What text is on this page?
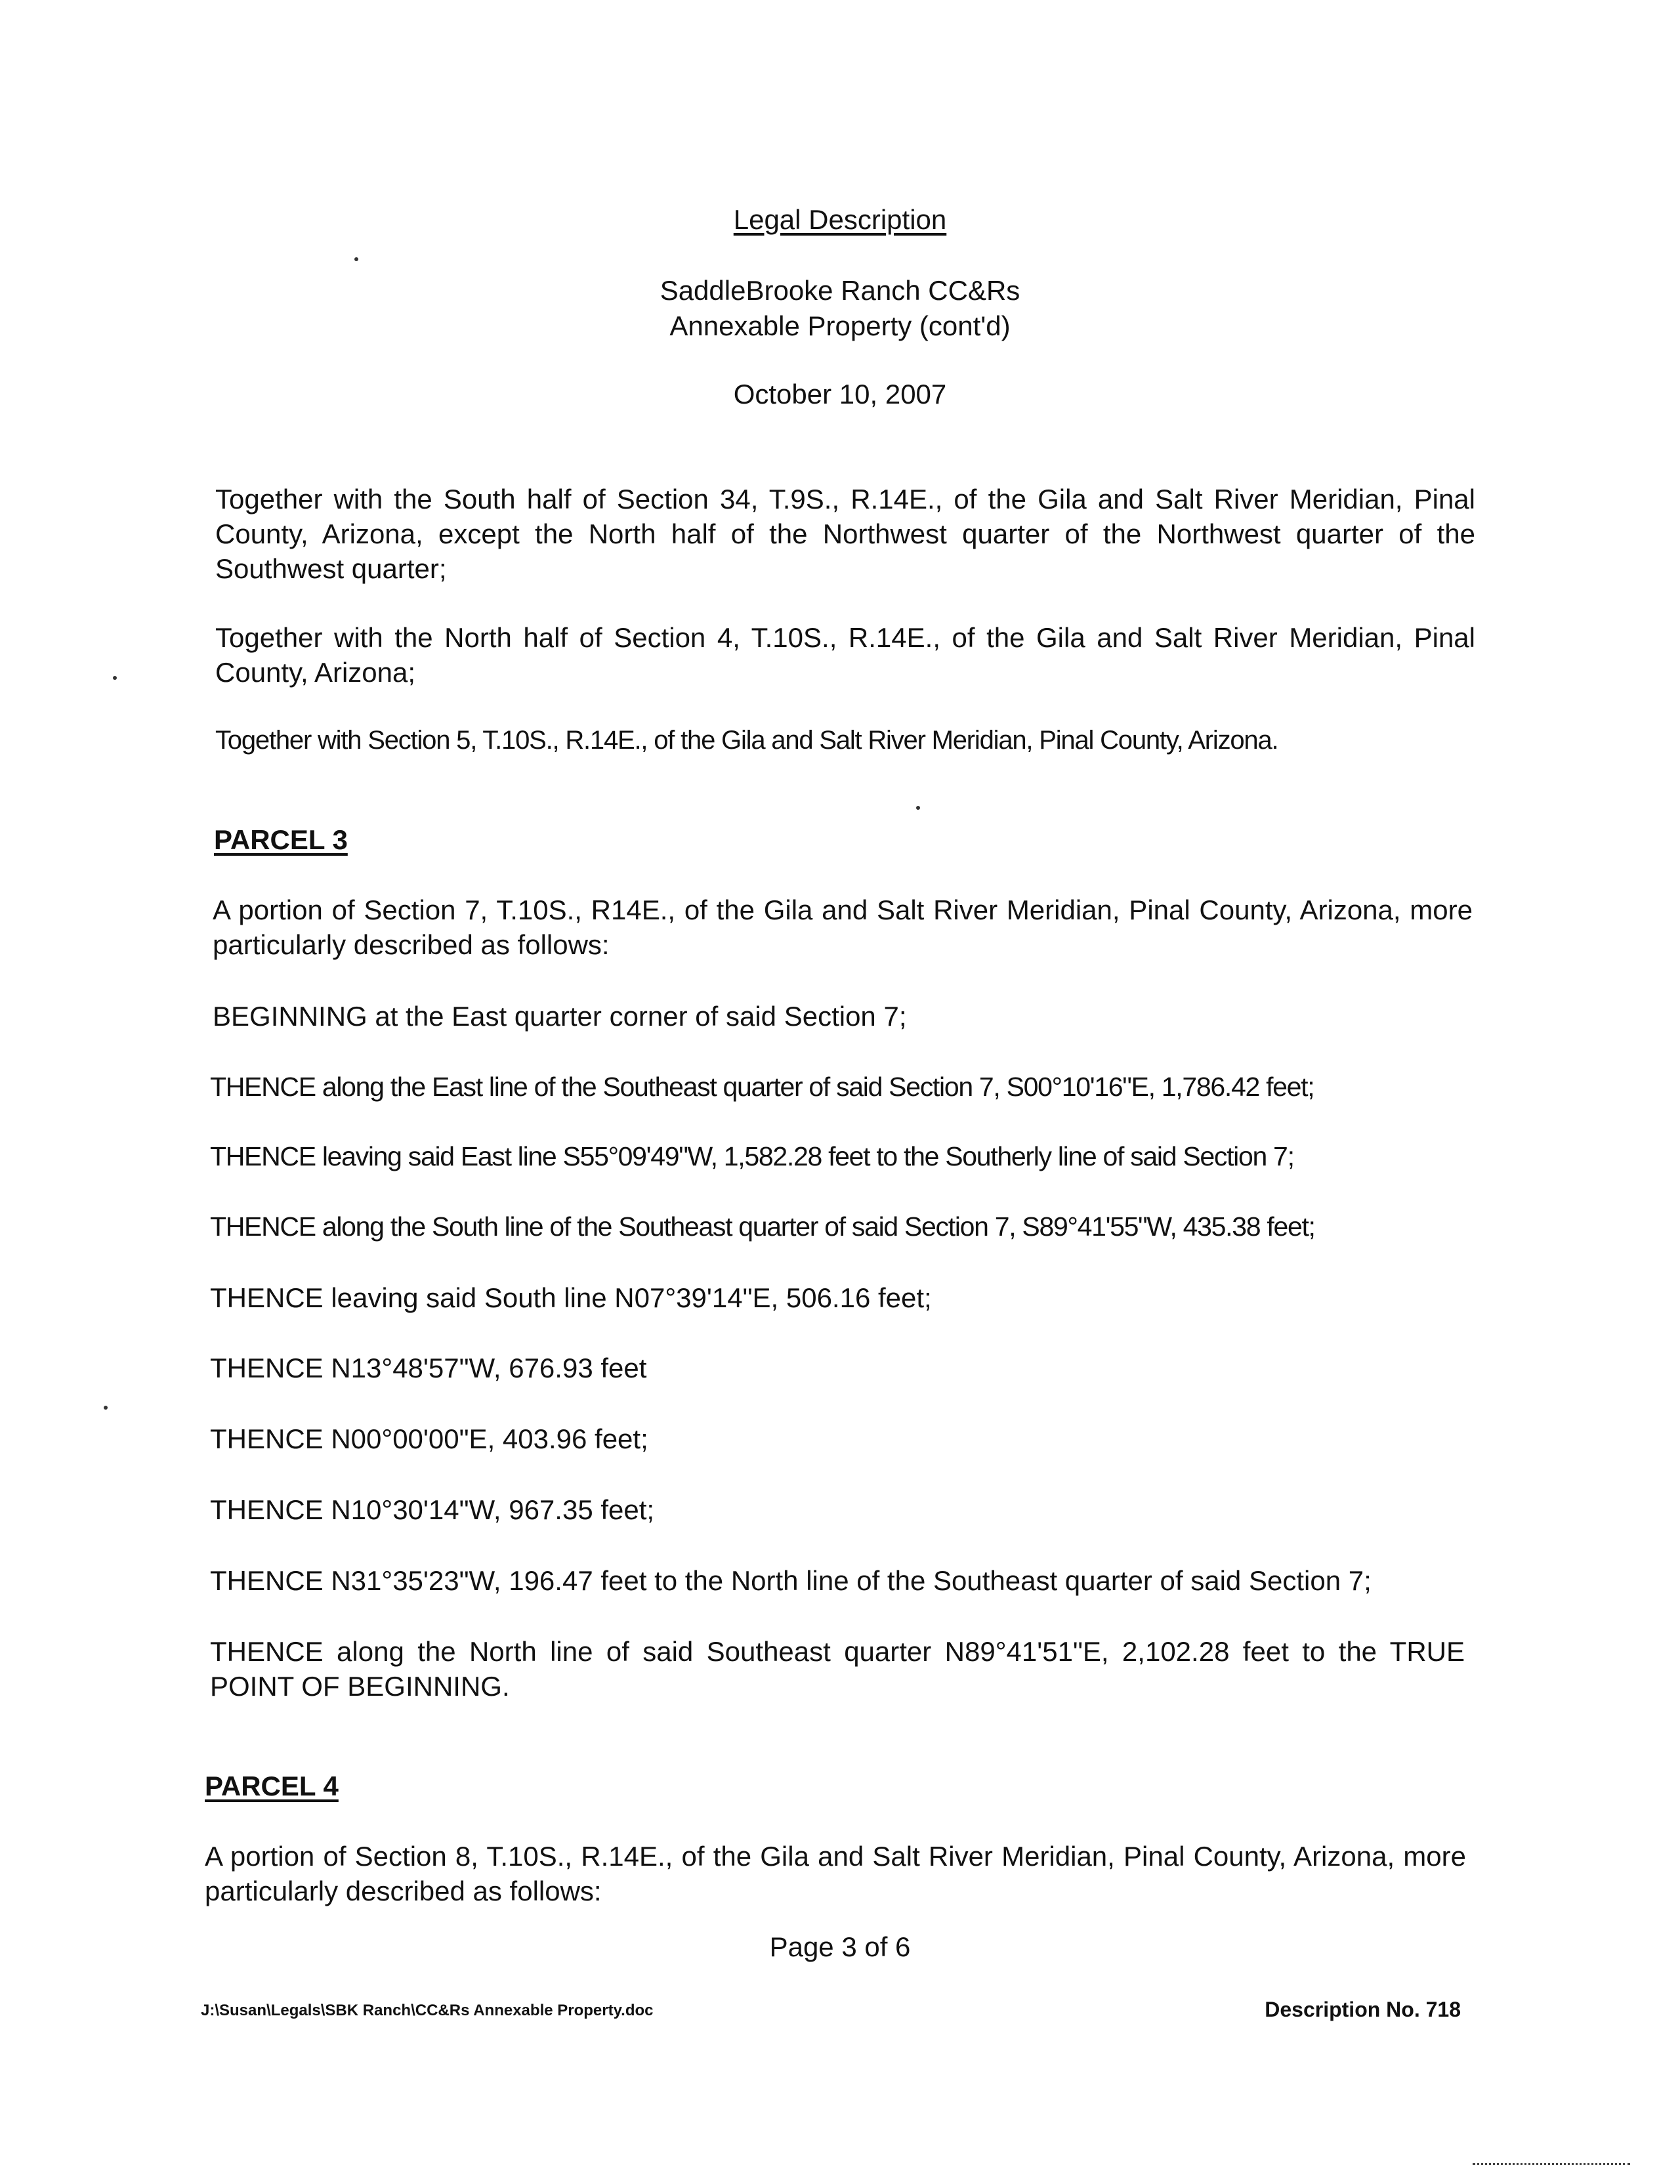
Legal Description
SaddleBrooke Ranch CC&Rs
Annexable Property (cont'd)
October 10, 2007
Together with the South half of Section 34, T.9S., R.14E., of the Gila and Salt River Meridian, Pinal County, Arizona, except the North half of the Northwest quarter of the Northwest quarter of the Southwest quarter;
Together with the North half of Section 4, T.10S., R.14E., of the Gila and Salt River Meridian, Pinal County, Arizona;
Together with Section 5, T.10S., R.14E., of the Gila and Salt River Meridian, Pinal County, Arizona.
PARCEL 3
A portion of Section 7, T.10S., R14E., of the Gila and Salt River Meridian, Pinal County, Arizona, more particularly described as follows:
BEGINNING at the East quarter corner of said Section 7;
THENCE along the East line of the Southeast quarter of said Section 7, S00°10'16"E, 1,786.42 feet;
THENCE leaving said East line S55°09'49"W, 1,582.28 feet to the Southerly line of said Section 7;
THENCE along the South line of the Southeast quarter of said Section 7, S89°41'55"W, 435.38 feet;
THENCE leaving said South line N07°39'14"E, 506.16 feet;
THENCE N13°48'57"W, 676.93 feet
THENCE N00°00'00"E, 403.96 feet;
THENCE N10°30'14"W, 967.35 feet;
THENCE N31°35'23"W, 196.47 feet to the North line of the Southeast quarter of said Section 7;
THENCE along the North line of said Southeast quarter N89°41'51"E, 2,102.28 feet to the TRUE POINT OF BEGINNING.
PARCEL 4
A portion of Section 8, T.10S., R.14E., of the Gila and Salt River Meridian, Pinal County, Arizona, more particularly described as follows:
Page 3 of 6
J:\Susan\Legals\SBK Ranch\CC&Rs Annexable Property.doc	Description No. 718
